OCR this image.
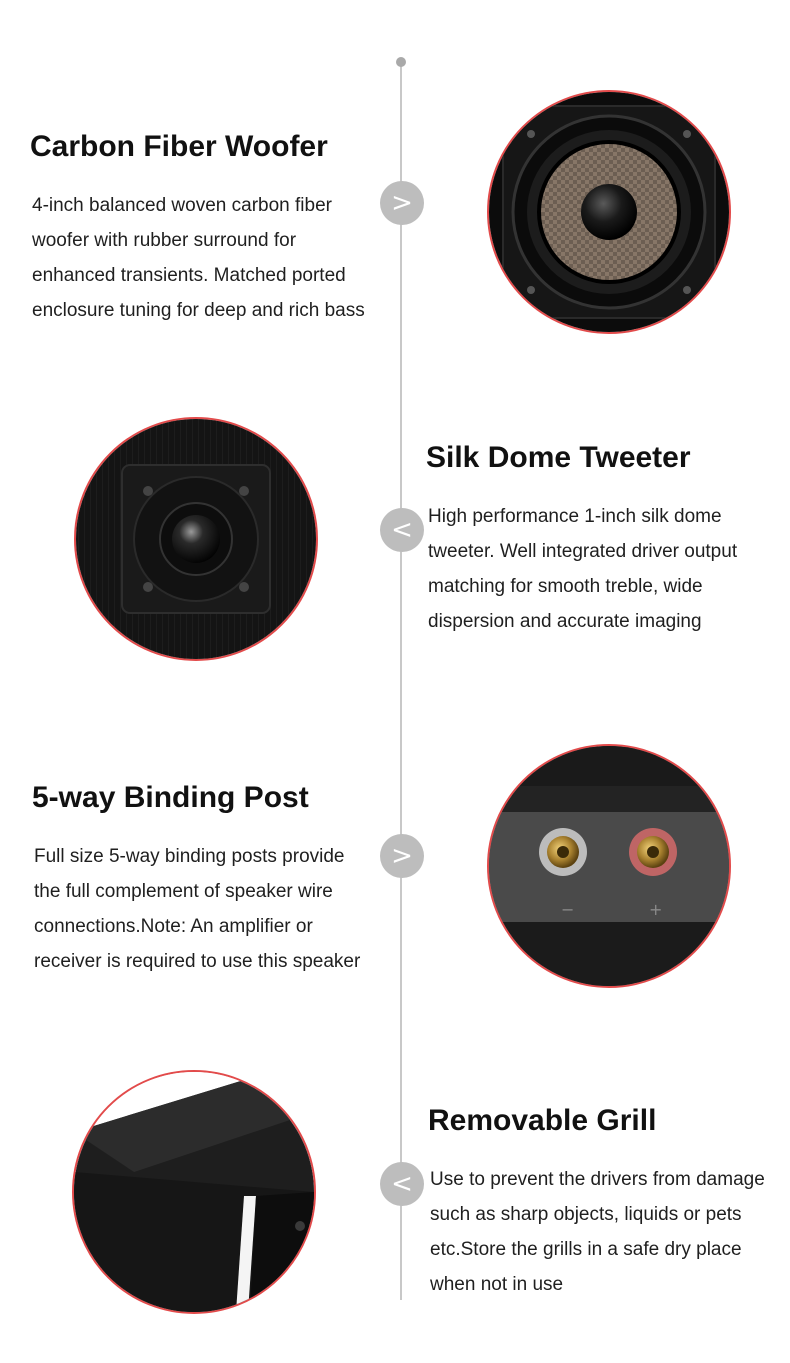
Carbon Fiber Woofer
4-inch balanced woven carbon fiber
woofer with rubber surround for
enhanced transients. Matched ported
enclosure tuning for deep and rich bass
>
<
Silk Dome Tweeter
High performance 1-inch silk dome
tweeter. Well integrated driver output
matching for smooth treble, wide
dispersion and accurate imaging
5-way Binding Post
Full size 5-way binding posts provide
the full complement of speaker wire
connections.Note: An amplifier or
receiver is required to use this speaker
>
−	+
<
Removable Grill
Use to prevent the drivers from damage
such as sharp objects, liquids or pets
etc.Store the grills in a safe dry place
when not in use
